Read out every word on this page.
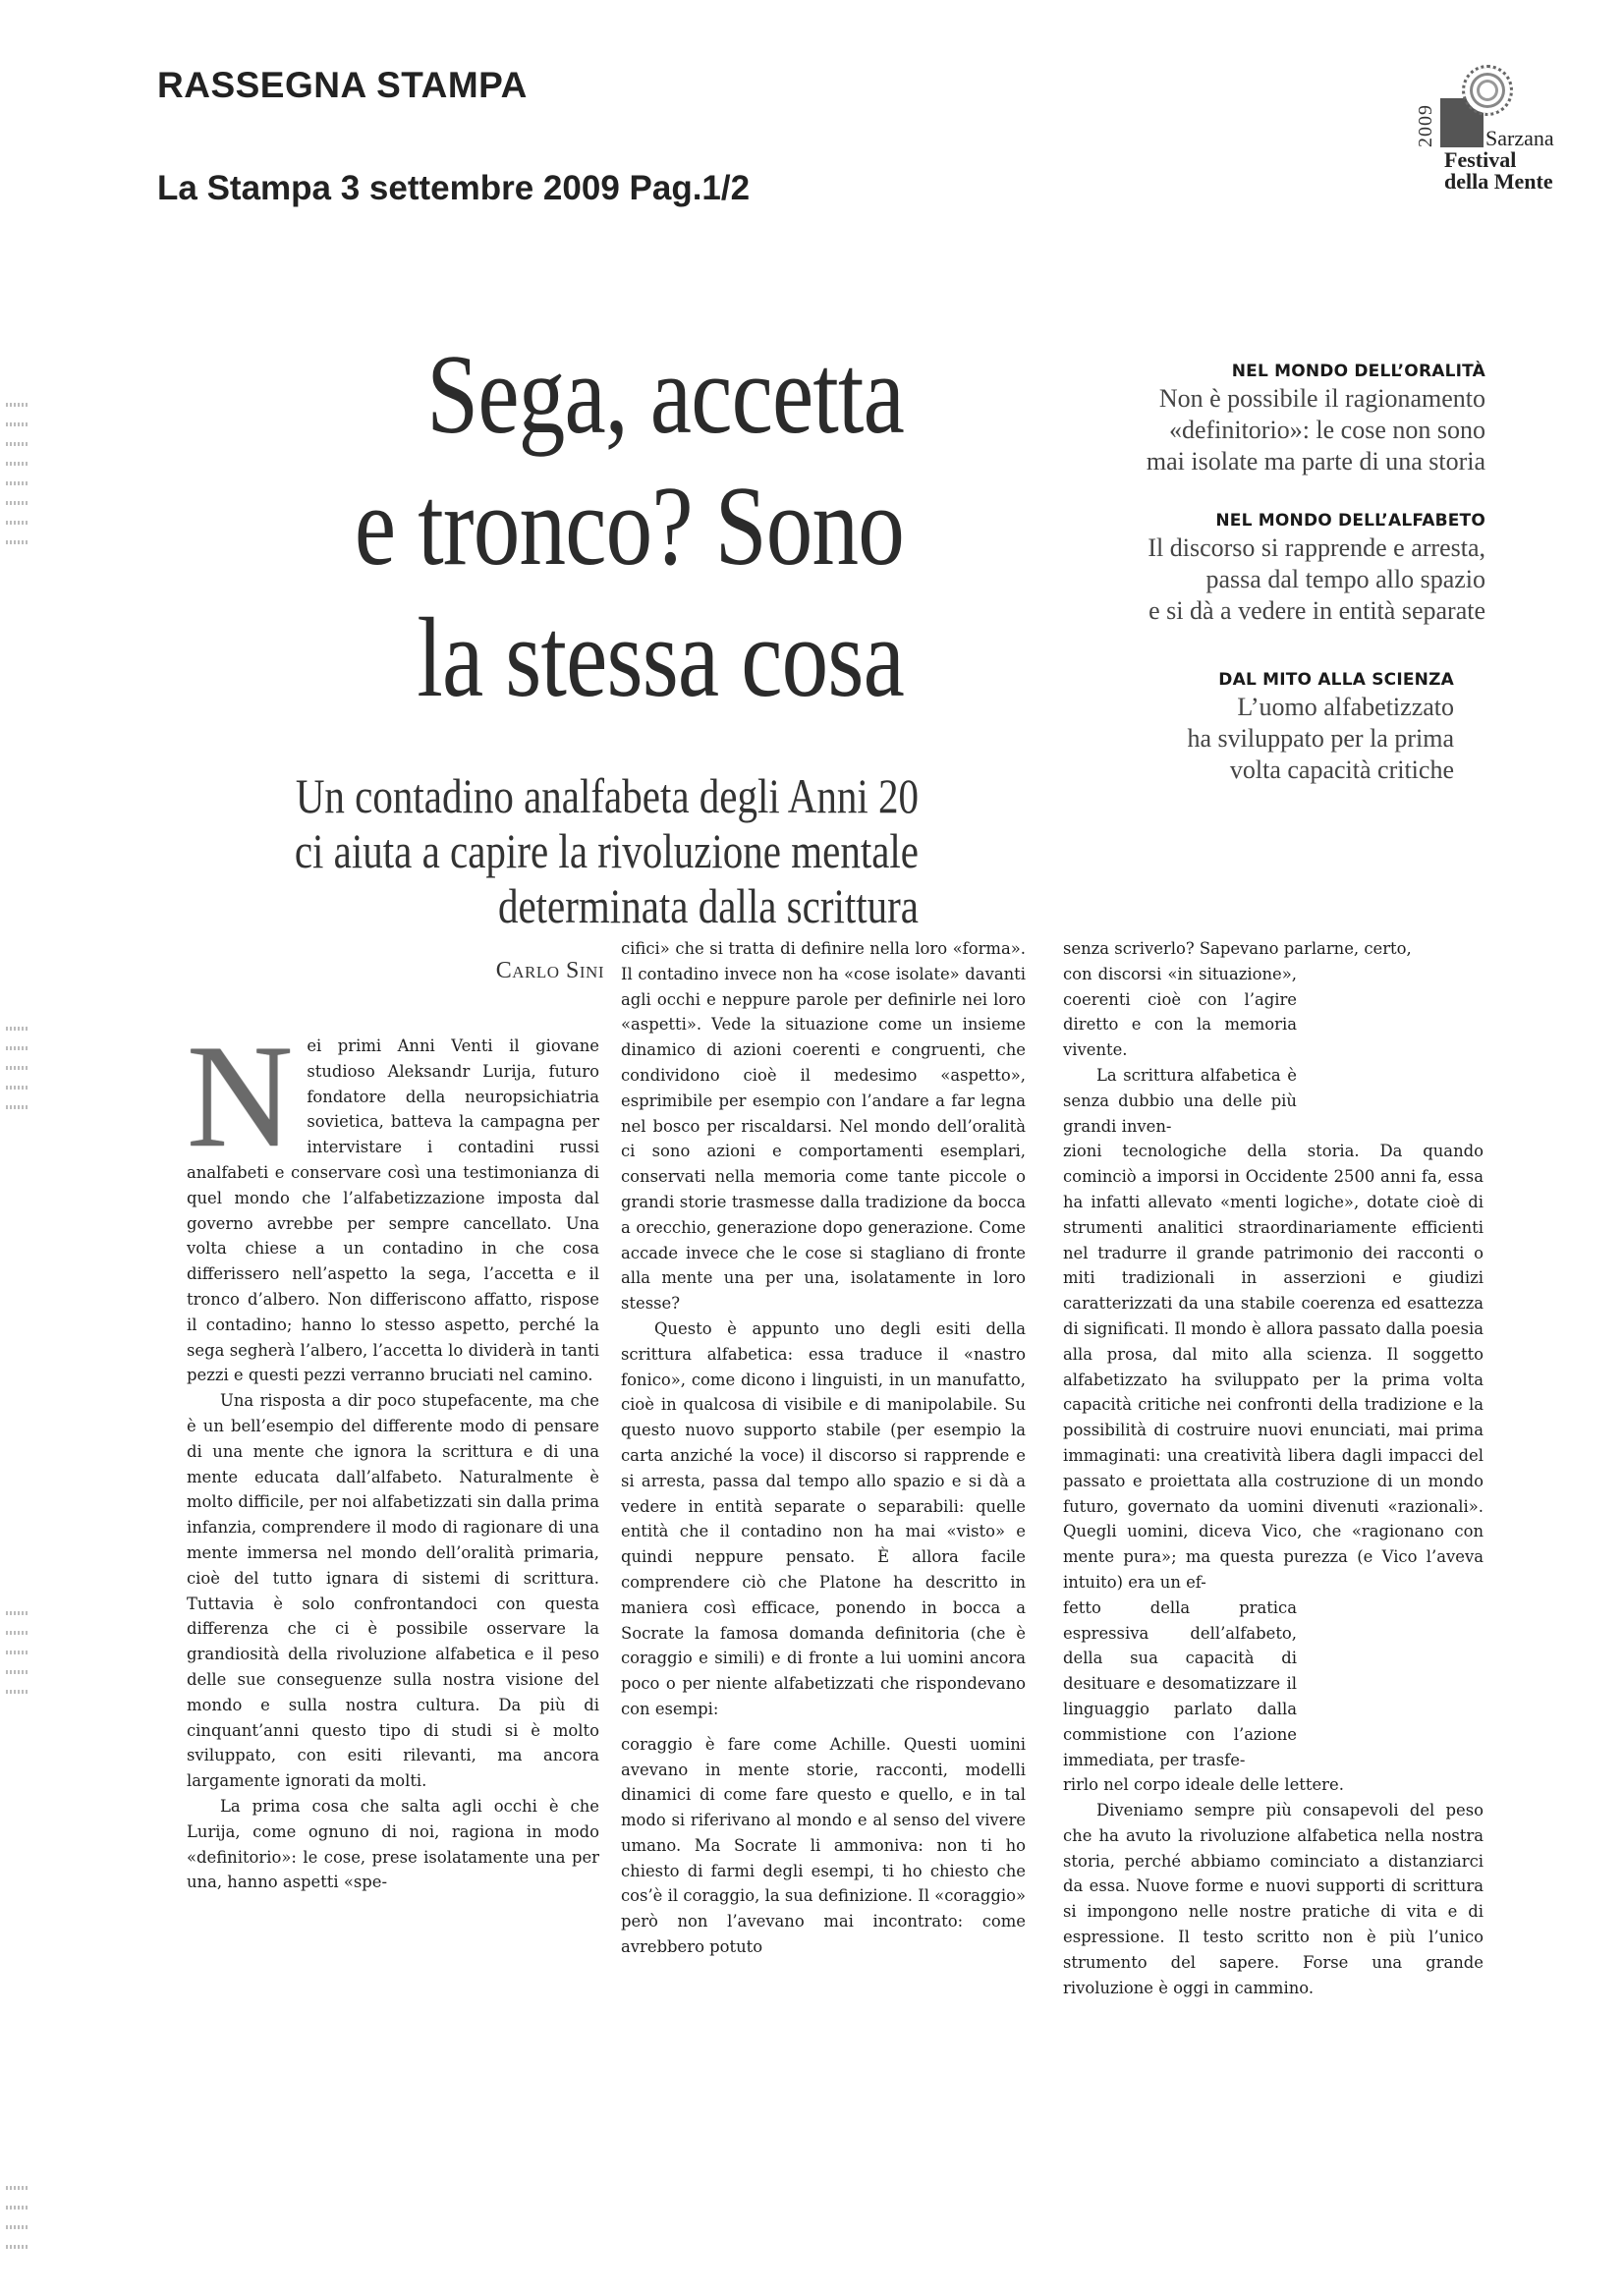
RASSEGNA STAMPA
La Stampa 3 settembre 2009 Pag.1/2
2009 Sarzana
Festival
della Mente
Sega, accetta
e tronco? Sono
la stessa cosa
Un contadino analfabeta degli Anni 20
ci aiuta a capire la rivoluzione mentale
determinata dalla scrittura
Carlo Sini
NEL MONDO DELL’ORALITÀ
Non è possibile il ragionamento
«definitorio»: le cose non sono
mai isolate ma parte di una storia
NEL MONDO DELL’ALFABETO
Il discorso si rapprende e arresta,
passa dal tempo allo spazio
e si dà a vedere in entità separate
DAL MITO ALLA SCIENZA
L’uomo alfabetizzato
ha sviluppato per la prima
volta capacità critiche

Nei primi Anni Venti il giovane studioso Aleksandr Lurija, futuro fondatore della neuropsichiatria sovietica, batteva la campagna per intervistare i contadini russi analfabeti e conservare così una testimonianza di quel mondo che l’alfabetizzazione imposta dal governo avrebbe per sempre cancellato. Una volta chiese a un contadino in che cosa differissero nell’aspetto la sega, l’accetta e il tronco d’albero. Non differiscono affatto, rispose il contadino; hanno lo stesso aspetto, perché la sega segherà l’albero, l’accetta lo dividerà in tanti pezzi e questi pezzi verranno bruciati nel camino.

Una risposta a dir poco stupefacente, ma che è un bell’esempio del differente modo di pensare di una mente che ignora la scrittura e di una mente educata dall’alfabeto. Naturalmente è molto difficile, per noi alfabetizzati sin dalla prima infanzia, comprendere il modo di ragionare di una mente immersa nel mondo dell’oralità primaria, cioè del tutto ignara di sistemi di scrittura. Tuttavia è solo confrontandoci con questa differenza che ci è possibile osservare la grandiosità della rivoluzione alfabetica e il peso delle sue conseguenze sulla nostra visione del mondo e sulla nostra cultura. Da più di cinquant’anni questo tipo di studi si è molto sviluppato, con esiti rilevanti, ma ancora largamente ignorati da molti.

La prima cosa che salta agli occhi è che Lurija, come ognuno di noi, ragiona in modo «definitorio»: le cose, prese isolatamente una per una, hanno aspetti «spe-

cifici» che si tratta di definire nella loro «forma». Il contadino invece non ha «cose isolate» davanti agli occhi e neppure parole per definirle nei loro «aspetti». Vede la situazione come un insieme dinamico di azioni coerenti e congruenti, che condividono cioè il medesimo «aspetto», esprimibile per esempio con l’andare a far legna nel bosco per riscaldarsi. Nel mondo dell’oralità ci sono azioni e comportamenti esemplari, conservati nella memoria come tante piccole o grandi storie trasmesse dalla tradizione da bocca a orecchio, generazione dopo generazione. Come accade invece che le cose si stagliano di fronte alla mente una per una, isolatamente in loro stesse?

Questo è appunto uno degli esiti della scrittura alfabetica: essa traduce il «nastro fonico», come dicono i linguisti, in un manufatto, cioè in qualcosa di visibile e di manipolabile. Su questo nuovo supporto stabile (per esempio la carta anziché la voce) il discorso si rapprende e si arresta, passa dal tempo allo spazio e si dà a vedere in entità separate o separabili: quelle entità che il contadino non ha mai «visto» e quindi neppure pensato. È allora facile comprendere ciò che Platone ha descritto in maniera così efficace, ponendo in bocca a Socrate la famosa domanda definitoria (che è coraggio e simili) e di fronte a lui uomini ancora poco o per niente alfabetizzati che rispondevano con esempi:

coraggio è fare come Achille. Questi uomini avevano in mente storie, racconti, modelli dinamici di come fare questo e quello, e in tal modo si riferivano al mondo e al senso del vivere umano. Ma Socrate li ammoniva: non ti ho chiesto di farmi degli esempi, ti ho chiesto che cos’è il coraggio, la sua definizione. Il «coraggio» però non l’avevano mai incontrato: come avrebbero potuto

senza scriverlo? Sapevano parlarne, certo,

con discorsi «in situazione», coerenti cioè con l’agire diretto e con la memoria vivente.

La scrittura alfabetica è senza dubbio una delle più grandi inven-

zioni tecnologiche della storia. Da quando cominciò a imporsi in Occidente 2500 anni fa, essa ha infatti allevato «menti logiche», dotate cioè di strumenti analitici straordinariamente efficienti nel tradurre il grande patrimonio dei racconti o miti tradizionali in asserzioni e giudizi caratterizzati da una stabile coerenza ed esattezza di significati. Il mondo è allora passato dalla poesia alla prosa, dal mito alla scienza. Il soggetto alfabetizzato ha sviluppato per la prima volta capacità critiche nei confronti della tradizione e la possibilità di costruire nuovi enunciati, mai prima immaginati: una creatività libera dagli impacci del passato e proiettata alla costruzione di un mondo futuro, governato da uomini divenuti «razionali». Quegli uomini, diceva Vico, che «ragionano con mente pura»; ma questa purezza (e Vico l’aveva intuito) era un ef-

fetto della pratica espressiva dell’alfabeto, della sua capacità di desituare e desomatizzare il linguaggio parlato dalla commistione con l’azione immediata, per trasfe-

rirlo nel corpo ideale delle lettere.

Diveniamo sempre più consapevoli del peso che ha avuto la rivoluzione alfabetica nella nostra storia, perché abbiamo cominciato a distanziarci da essa. Nuove forme e nuovi supporti di scrittura si impongono nelle nostre pratiche di vita e di espressione. Il testo scritto non è più l’unico strumento del sapere. Forse una grande rivoluzione è oggi in cammino.
